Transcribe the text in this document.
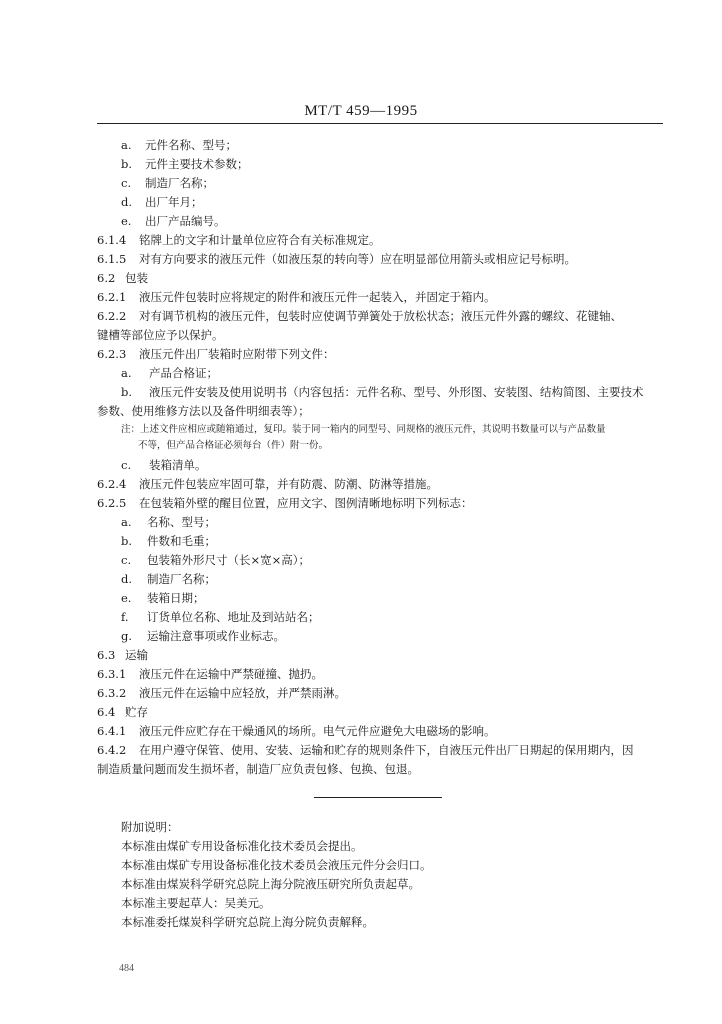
MT/T 459—1995
a. 元件名称、型号；
b. 元件主要技术参数；
c. 制造厂名称；
d. 出厂年月；
e. 出厂产品编号。
6.1.4 铭牌上的文字和计量单位应符合有关标准规定。
6.1.5 对有方向要求的液压元件（如液压泵的转向等）应在明显部位用箭头或相应记号标明。
6.2 包装
6.2.1 液压元件包装时应将规定的附件和液压元件一起装入，并固定于箱内。
6.2.2 对有调节机构的液压元件，包装时应使调节弹簧处于放松状态；液压元件外露的螺纹、花键轴、
键槽等部位应予以保护。
6.2.3 液压元件出厂装箱时应附带下列文件：
a. 产品合格证；
b. 液压元件安装及使用说明书（内容包括：元件名称、型号、外形图、安装图、结构简图、主要技术
参数、使用维修方法以及备件明细表等）；
注：上述文件应相应或随箱通过，复印。装于同一箱内的同型号、同规格的液压元件，其说明书数量可以与产品数量
不等，但产品合格证必须每台（件）附一份。
c. 装箱清单。
6.2.4 液压元件包装应牢固可靠，并有防震、防潮、防淋等措施。
6.2.5 在包装箱外壁的醒目位置，应用文字、图例清晰地标明下列标志：
a. 名称、型号；
b. 件数和毛重；
c. 包装箱外形尺寸（长×宽×高）；
d. 制造厂名称；
e. 装箱日期；
f. 订货单位名称、地址及到站站名；
g. 运输注意事项或作业标志。
6.3 运输
6.3.1 液压元件在运输中严禁碰撞、抛扔。
6.3.2 液压元件在运输中应轻放，并严禁雨淋。
6.4 贮存
6.4.1 液压元件应贮存在干燥通风的场所。电气元件应避免大电磁场的影响。
6.4.2 在用户遵守保管、使用、安装、运输和贮存的规则条件下，自液压元件出厂日期起的保用期内，因
制造质量问题而发生损坏者，制造厂应负责包修、包换、包退。
附加说明：
本标准由煤矿专用设备标准化技术委员会提出。
本标准由煤矿专用设备标准化技术委员会液压元件分会归口。
本标准由煤炭科学研究总院上海分院液压研究所负责起草。
本标准主要起草人：吴美元。
本标准委托煤炭科学研究总院上海分院负责解释。
484
